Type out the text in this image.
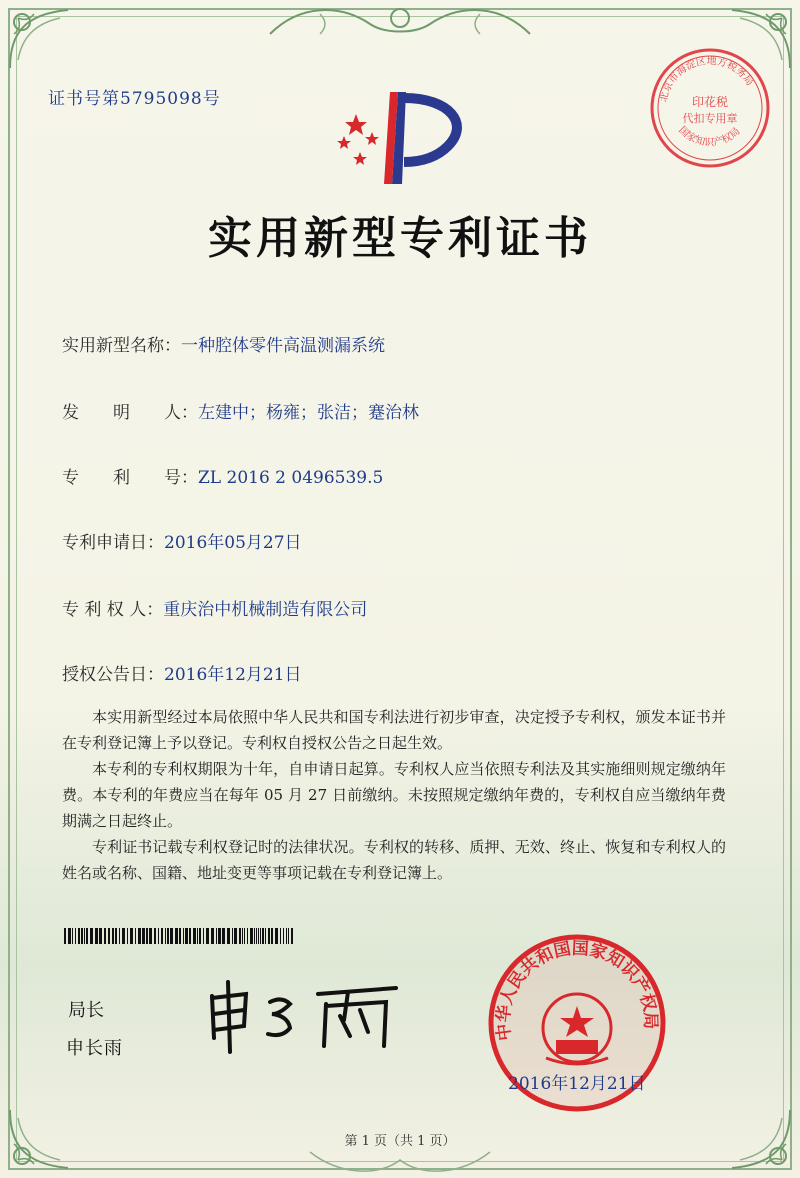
证书号第5795098号	北京市海淀区地方税务局
印花税
代扣专用章
国家知识产权局
实用新型专利证书
实用新型名称：一种腔体零件高温测漏系统
发　　明　　人：左建中；杨雍；张洁；蹇治林
专　　利　　号：ZL 2016 2 0496539.5
专利申请日：2016年05月27日
专 利 权 人：重庆治中机械制造有限公司
授权公告日：2016年12月21日

本实用新型经过本局依照中华人民共和国专利法进行初步审查，决定授予专利权，颁发本证书并在专利登记簿上予以登记。专利权自授权公告之日起生效。

本专利的专利权期限为十年，自申请日起算。专利权人应当依照专利法及其实施细则规定缴纳年费。本专利的年费应当在每年 05 月 27 日前缴纳。未按照规定缴纳年费的，专利权自应当缴纳年费期满之日起终止。

专利证书记载专利权登记时的法律状况。专利权的转移、质押、无效、终止、恢复和专利权人的姓名或名称、国籍、地址变更等事项记载在专利登记簿上。

局长
申长雨
中华人民共和国国家知识产权局
2016年12月21日
第 1 页（共 1 页）
